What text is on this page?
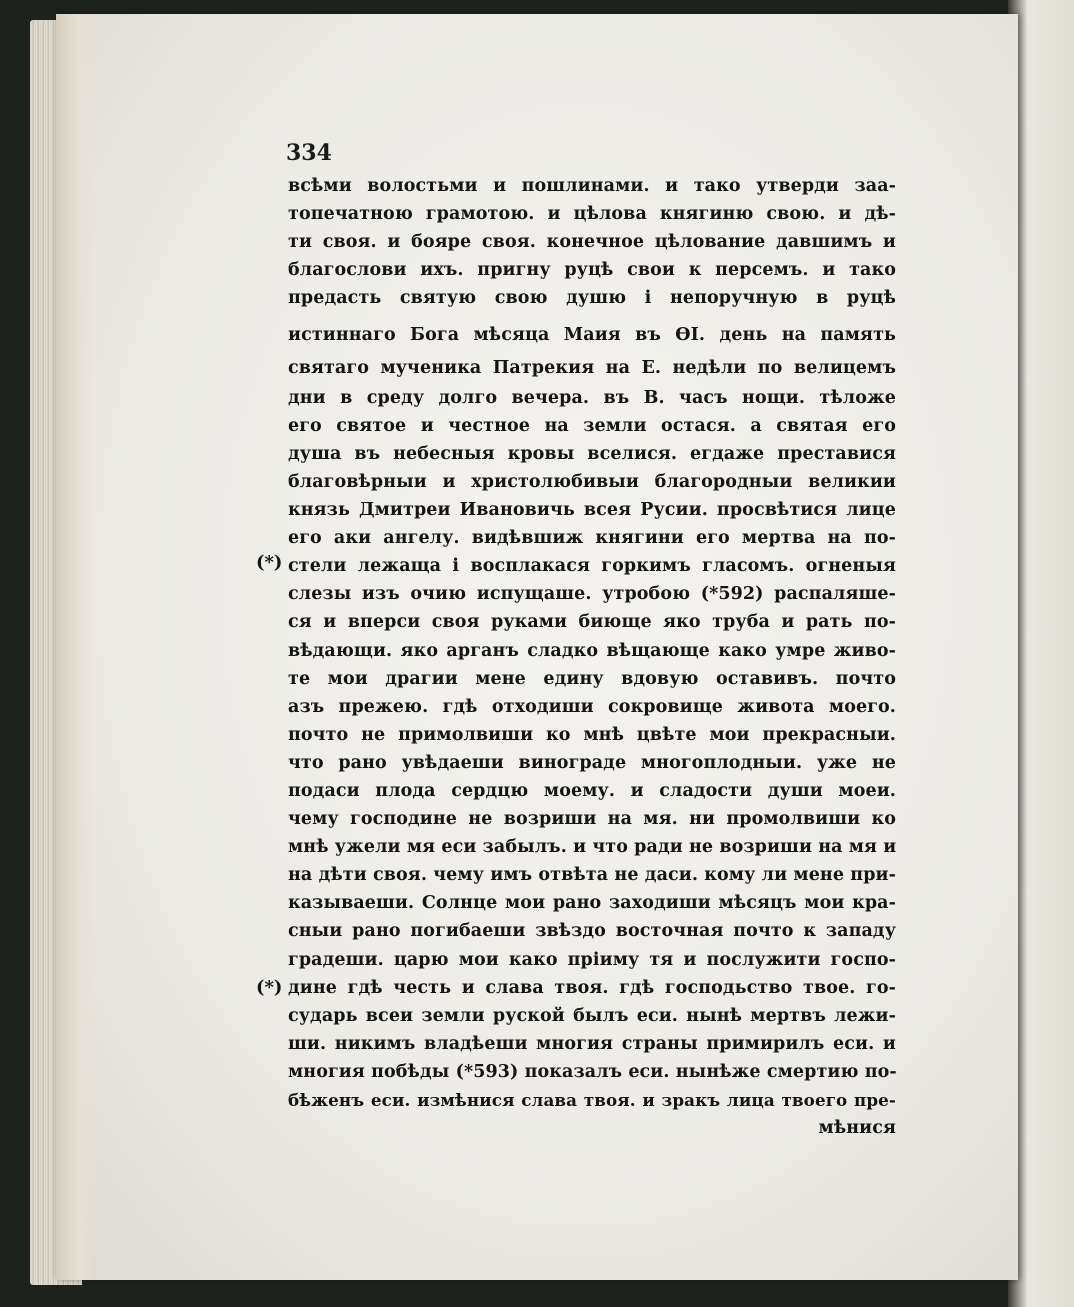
334
(*)
(*)
всѣми волостьми и пошлинами. и тако утверди заа-
топечатною грамотою. и цѣлова княгиню свою. и дѣ-
ти своя. и бояре своя. конечное цѣлование давшимъ и
благослови ихъ. пригну руцѣ свои к персемъ. и тако
предасть святую свою душю і непоручную в руцѣ
истиннаго Бога мѣсяца Маия въ ѲІ. день на память
святаго мученика Патрекия на Е. недѣли по велицемъ
дни в среду долго вечера. въ В. часъ нощи. тѣложе
его святое и честное на земли остася. а святая его
душа въ небесныя кровы вселися. егдаже преставися
благовѣрныи и христолюбивыи благородныи великии
князь Дмитреи Ивановичь всея Русии. просвѣтися лице
его аки ангелу. видѣвшиж княгини его мертва на по-
стели лежаща і восплакася горкимъ гласомъ. огненыя
слезы изъ очию испущаше. утробою (*592) распаляше-
ся и вперси своя руками биюще яко труба и рать по-
вѣдающи. яко арганъ сладко вѣщающе како умре живо-
те мои драгии мене едину вдовую оставивъ. почто
азъ прежею. гдѣ отходиши сокровище живота моего.
почто не примолвиши ко мнѣ цвѣте мои прекрасныи.
что рано увѣдаеши винограде многоплодныи. уже не
подаси плода сердцю моему. и сладости души моеи.
чему господине не возриши на мя. ни промолвиши ко
мнѣ ужели мя еси забылъ. и что ради не возриши на мя и
на дѣти своя. чему имъ отвѣта не даси. кому ли мене при-
казываеши. Солнце мои рано заходиши мѣсяцъ мои кра-
сныи рано погибаеши звѣздо восточная почто к западу
градеши. царю мои како пріиму тя и послужити госпо-
дине гдѣ честь и слава твоя. гдѣ господьство твое. го-
сударь всеи земли руской былъ еси. нынѣ мертвъ лежи-
ши. никимъ владѣеши многия страны примирилъ еси. и
многия побѣды (*593) показалъ еси. нынѣже смертию по-
бѣженъ еси. измѣнися слава твоя. и зракъ лица твоего пре-
мѣнися
